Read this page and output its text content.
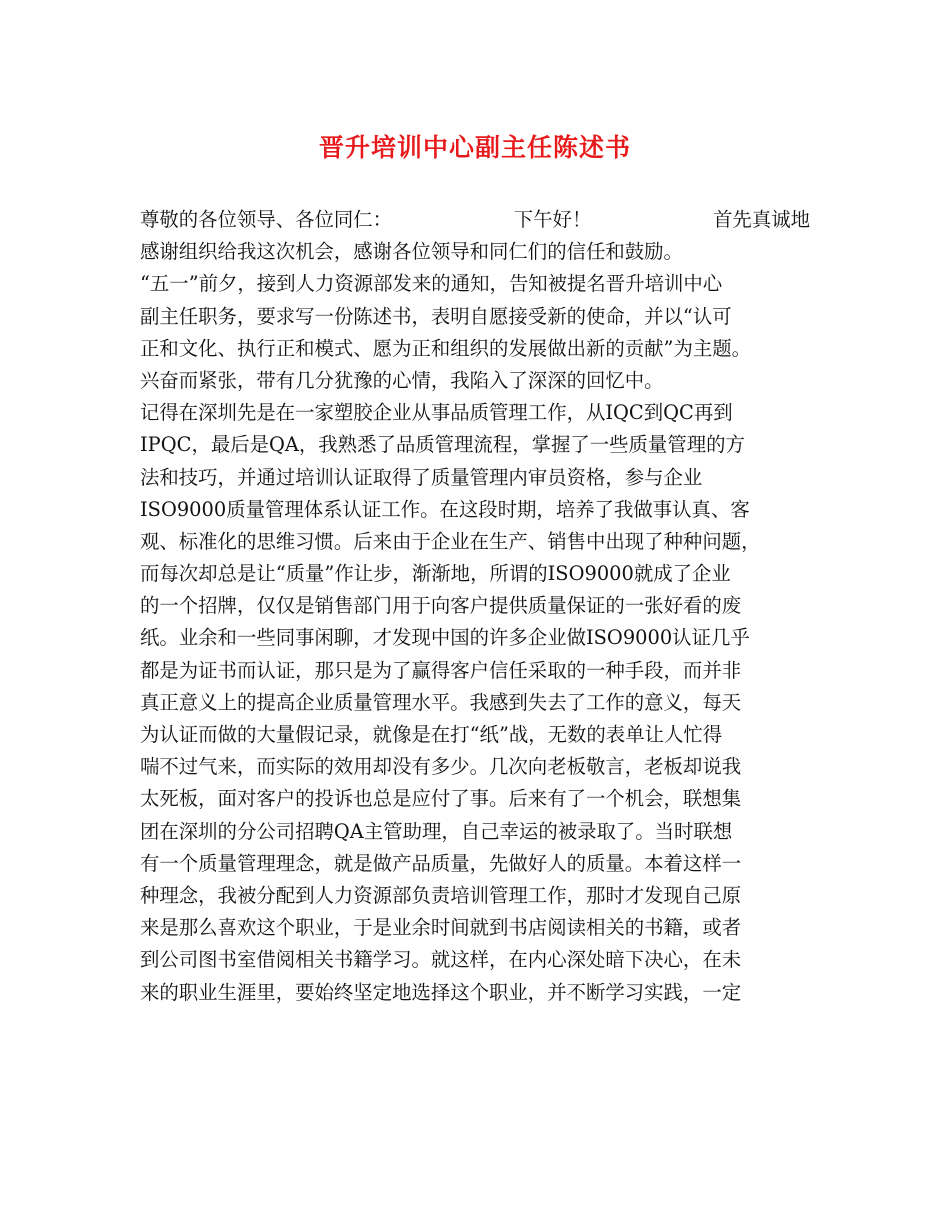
晋升培训中心副主任陈述书
尊敬的各位领导、各位同仁：	下午好！	首先真诚地
感谢组织给我这次机会，感谢各位领导和同仁们的信任和鼓励。
“五一”前夕，接到人力资源部发来的通知，告知被提名晋升培训中心
副主任职务，要求写一份陈述书，表明自愿接受新的使命，并以“认可
正和文化、执行正和模式、愿为正和组织的发展做出新的贡献”为主题。
兴奋而紧张，带有几分犹豫的心情，我陷入了深深的回忆中。
记得在深圳先是在一家塑胶企业从事品质管理工作，从IQC到QC再到
IPQC，最后是QA，我熟悉了品质管理流程，掌握了一些质量管理的方
法和技巧，并通过培训认证取得了质量管理内审员资格，参与企业
ISO9000质量管理体系认证工作。在这段时期，培养了我做事认真、客
观、标准化的思维习惯。后来由于企业在生产、销售中出现了种种问题，
而每次却总是让“质量”作让步，渐渐地，所谓的ISO9000就成了企业
的一个招牌，仅仅是销售部门用于向客户提供质量保证的一张好看的废
纸。业余和一些同事闲聊，才发现中国的许多企业做ISO9000认证几乎
都是为证书而认证，那只是为了赢得客户信任采取的一种手段，而并非
真正意义上的提高企业质量管理水平。我感到失去了工作的意义，每天
为认证而做的大量假记录，就像是在打“纸”战，无数的表单让人忙得
喘不过气来，而实际的效用却没有多少。几次向老板敬言，老板却说我
太死板，面对客户的投诉也总是应付了事。后来有了一个机会，联想集
团在深圳的分公司招聘QA主管助理，自己幸运的被录取了。当时联想
有一个质量管理理念，就是做产品质量，先做好人的质量。本着这样一
种理念，我被分配到人力资源部负责培训管理工作，那时才发现自己原
来是那么喜欢这个职业，于是业余时间就到书店阅读相关的书籍，或者
到公司图书室借阅相关书籍学习。就这样，在内心深处暗下决心，在未
来的职业生涯里，要始终坚定地选择这个职业，并不断学习实践，一定
